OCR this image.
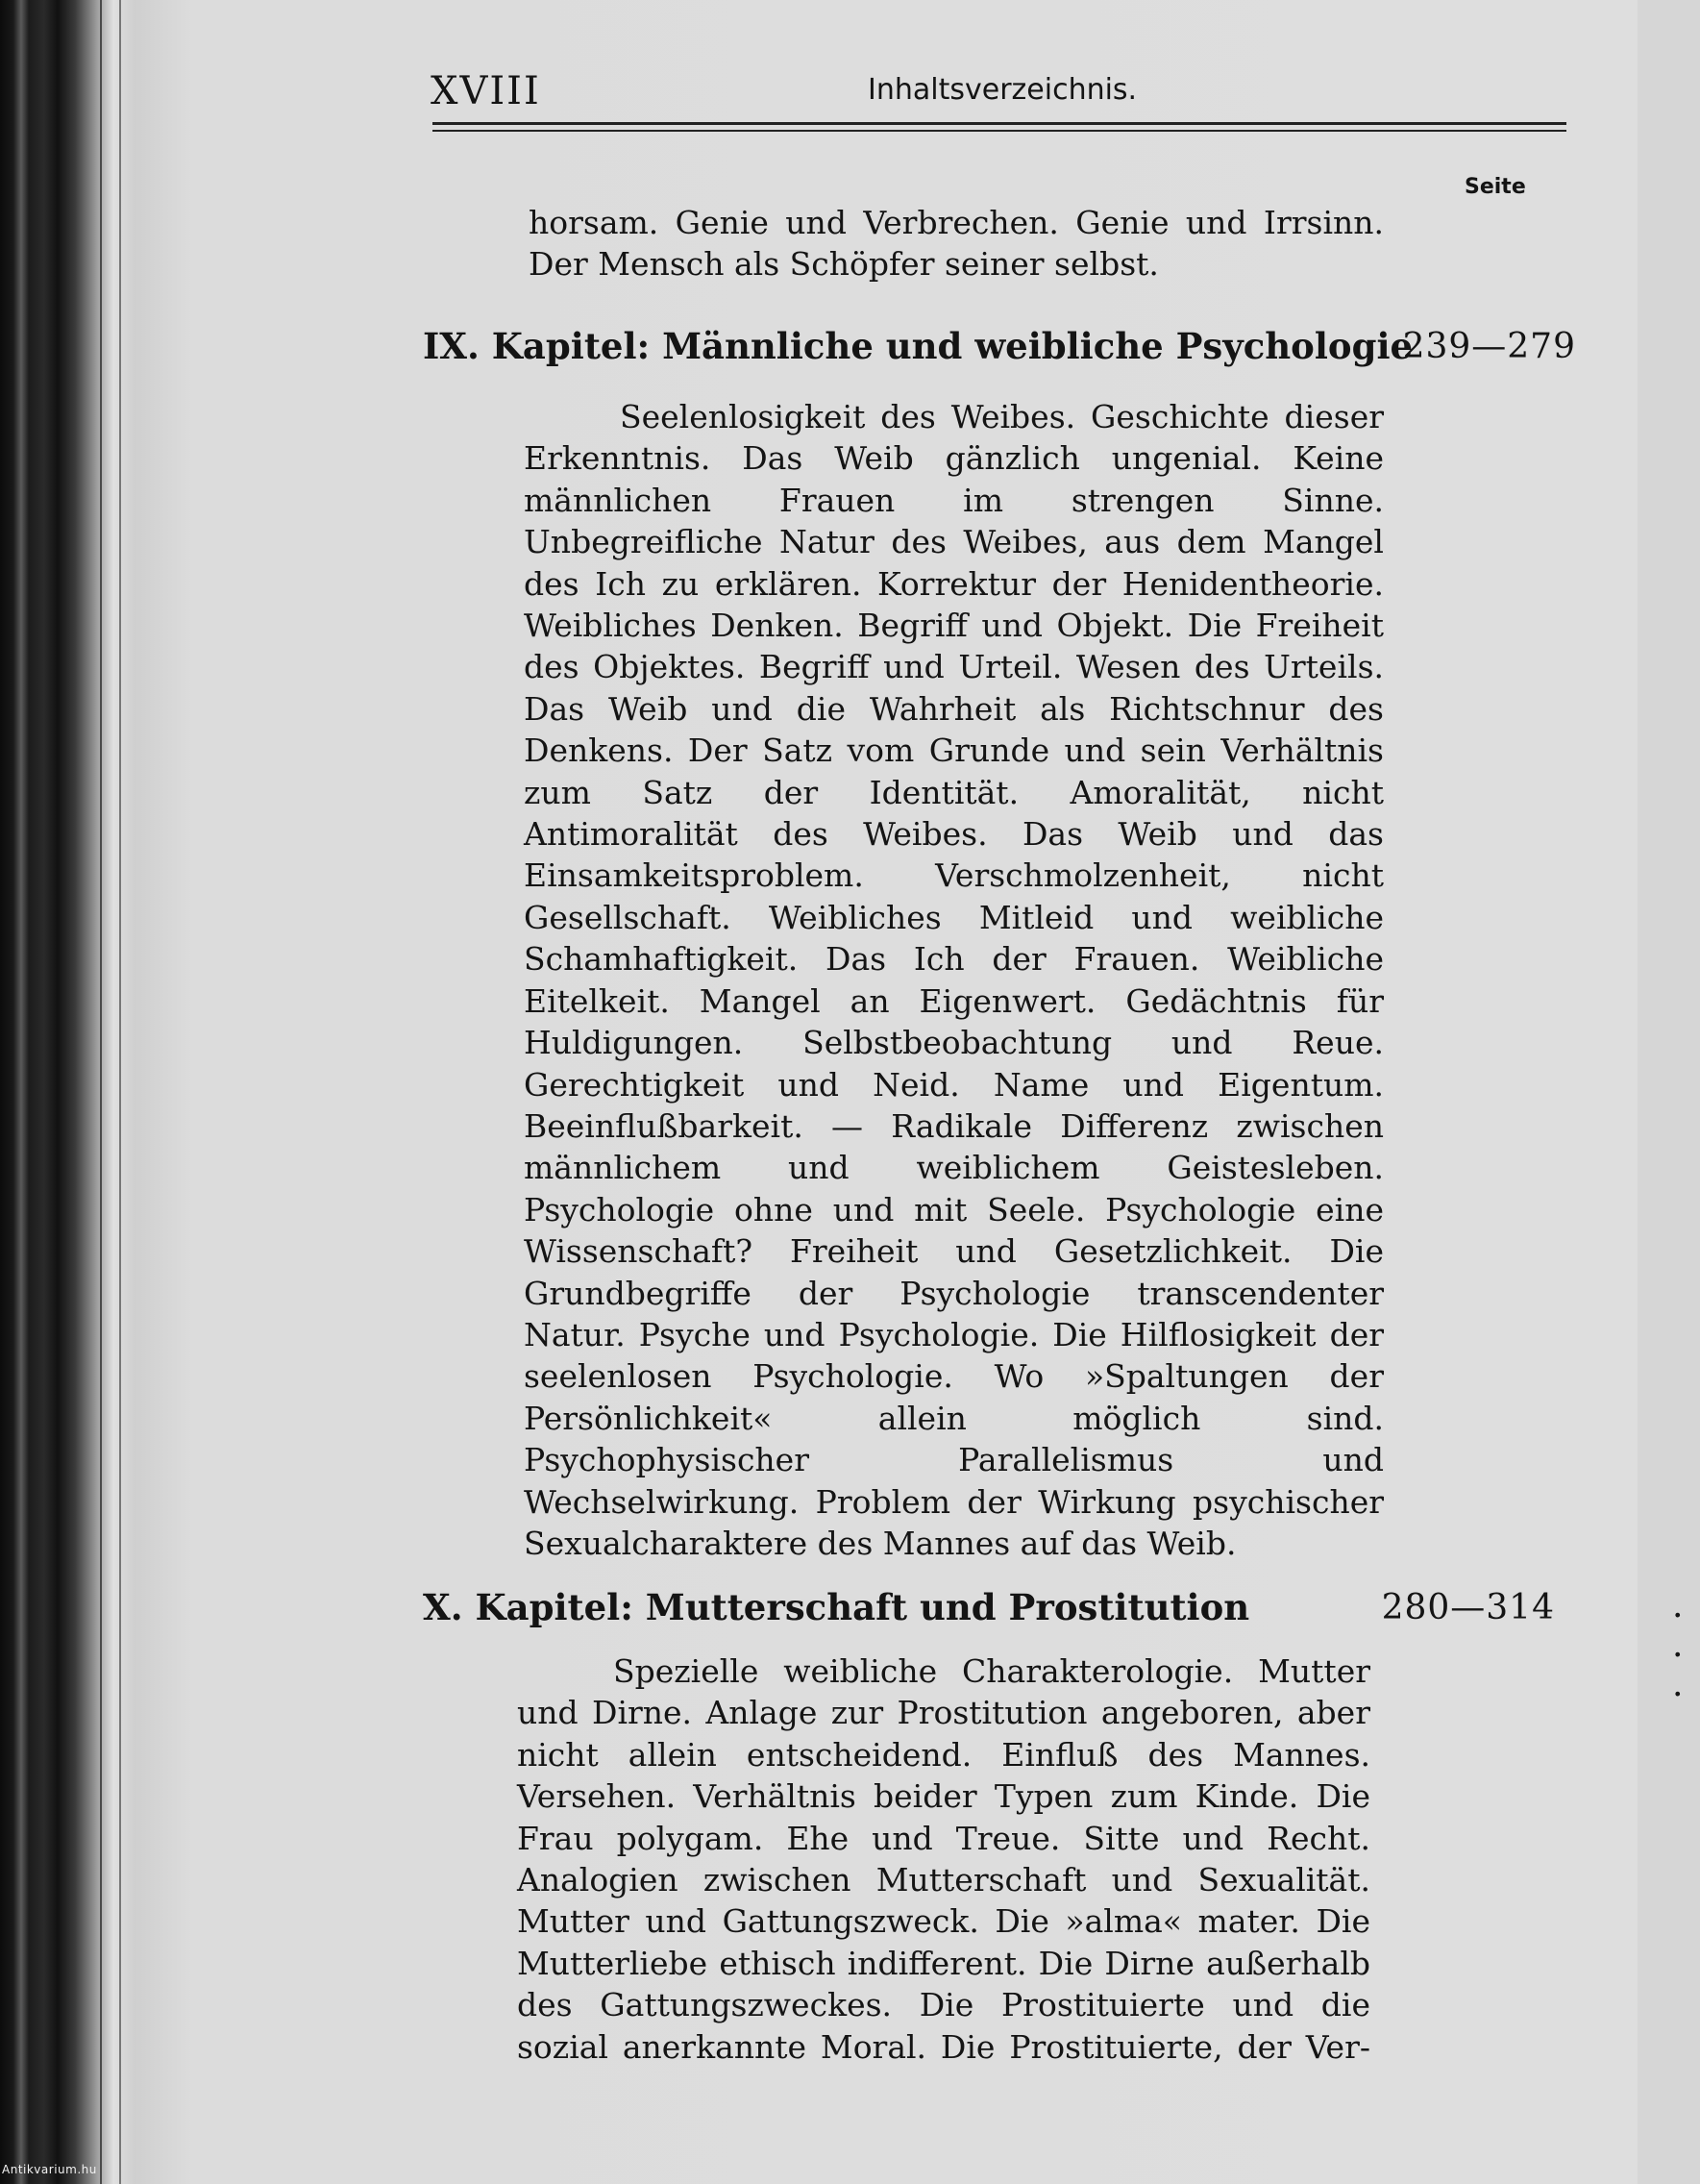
XVIII	Inhaltsverzeichnis.
Seite
horsam. Genie und Verbrechen. Genie und Irrsinn. Der Mensch als Schöpfer seiner selbst.
IX. Kapitel: Männliche und weibliche Psychologie
239—279
Seelenlosigkeit des Weibes. Geschichte dieser Erkenntnis. Das Weib gänzlich ungenial. Keine männlichen Frauen im strengen Sinne. Unbegreifliche Natur des Weibes, aus dem Mangel des Ich zu erklären. Korrektur der Henidentheorie. Weibliches Denken. Begriff und Objekt. Die Freiheit des Objektes. Begriff und Urteil. Wesen des Urteils. Das Weib und die Wahrheit als Richtschnur des Denkens. Der Satz vom Grunde und sein Verhältnis zum Satz der Identität. Amoralität, nicht Antimoralität des Weibes. Das Weib und das Einsamkeitsproblem. Verschmolzenheit, nicht Gesellschaft. Weibliches Mitleid und weibliche Schamhaftigkeit. Das Ich der Frauen. Weibliche Eitelkeit. Mangel an Eigenwert. Gedächtnis für Huldigungen. Selbstbeobachtung und Reue. Gerechtigkeit und Neid. Name und Eigentum. Beeinflußbarkeit. — Radikale Differenz zwischen männlichem und weiblichem Geistesleben. Psychologie ohne und mit Seele. Psychologie eine Wissenschaft? Freiheit und Gesetzlichkeit. Die Grundbegriffe der Psychologie transcendenter Natur. Psyche und Psychologie. Die Hilflosigkeit der seelenlosen Psychologie. Wo »Spaltungen der Persönlichkeit« allein möglich sind. Psychophysischer Parallelismus und Wechselwirkung. Problem der Wirkung psychischer Sexualcharaktere des Mannes auf das Weib.
X. Kapitel: Mutterschaft und Prostitution	. . .
280—314
Spezielle weibliche Charakterologie. Mutter und Dirne. Anlage zur Prostitution angeboren, aber nicht allein entscheidend. Einfluß des Mannes. Versehen. Verhältnis beider Typen zum Kinde. Die Frau polygam. Ehe und Treue. Sitte und Recht. Analogien zwischen Mutterschaft und Sexualität. Mutter und Gattungszweck. Die »alma« mater. Die Mutterliebe ethisch indifferent. Die Dirne außerhalb des Gattungszweckes. Die Prostituierte und die sozial anerkannte Moral. Die Prostituierte, der Ver-
Antikvarium.hu
